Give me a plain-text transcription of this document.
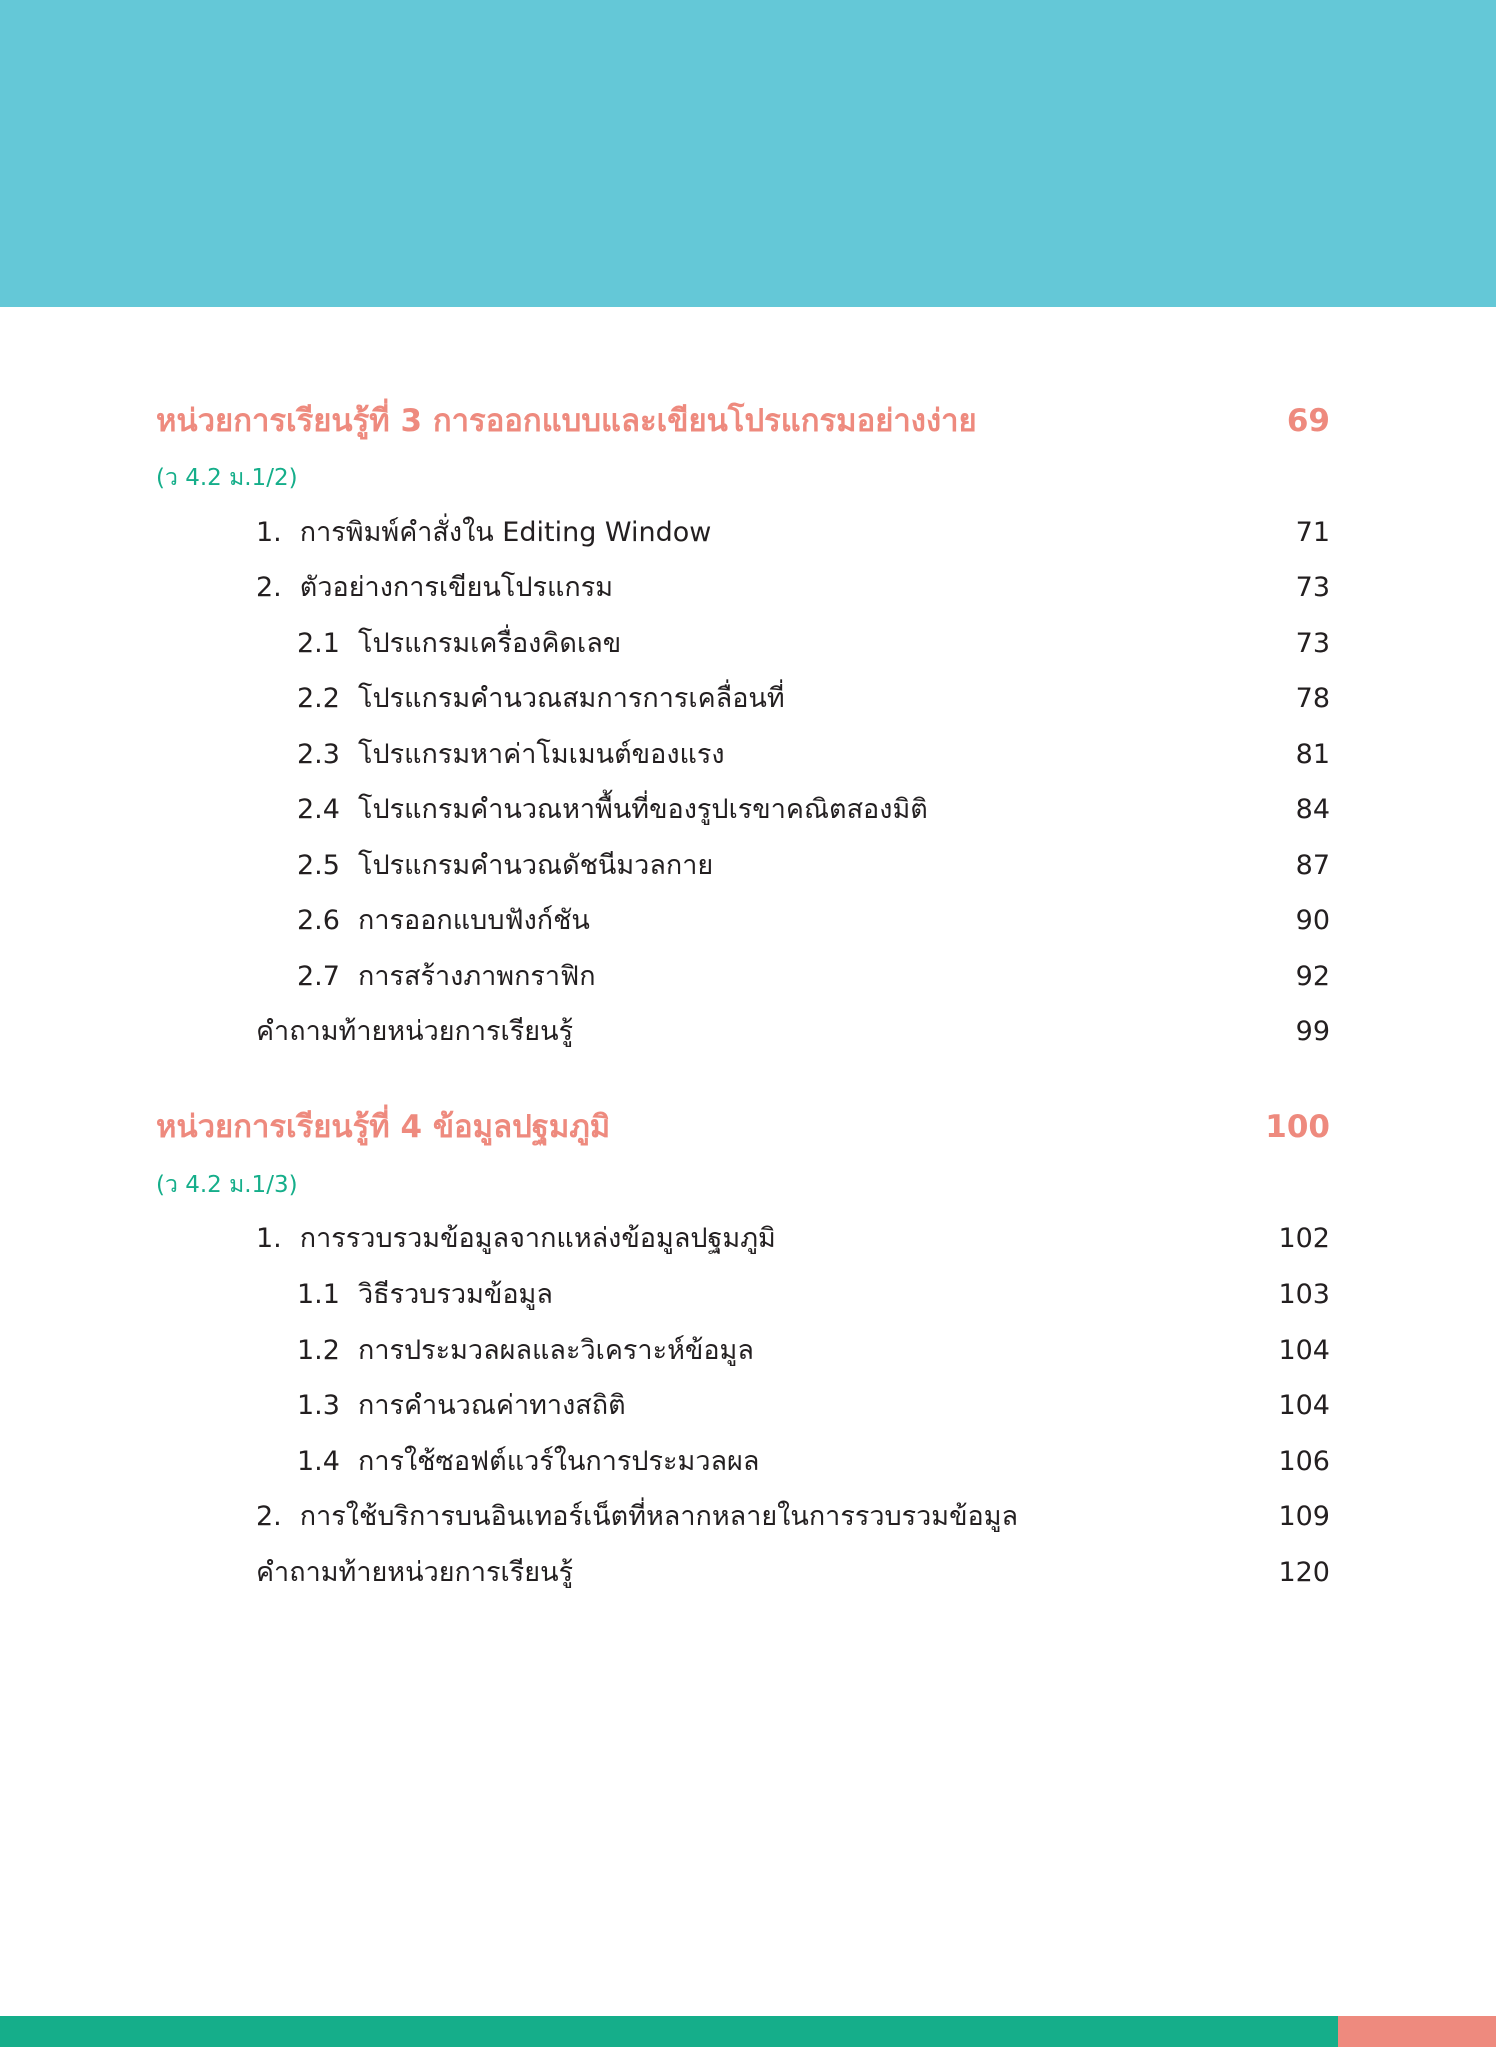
หน่วยการเรียนรู้ที่ 3 การออกแบบและเขียนโปรแกรมอย่างง่าย	69
(ว 4.2 ม.1/2)
1. การพิมพ์คำสั่งใน Editing Window	71
2. ตัวอย่างการเขียนโปรแกรม	73
2.1 โปรแกรมเครื่องคิดเลข	73
2.2 โปรแกรมคำนวณสมการการเคลื่อนที่	78
2.3 โปรแกรมหาค่าโมเมนต์ของแรง	81
2.4 โปรแกรมคำนวณหาพื้นที่ของรูปเรขาคณิตสองมิติ	84
2.5 โปรแกรมคำนวณดัชนีมวลกาย	87
2.6 การออกแบบฟังก์ชัน	90
2.7 การสร้างภาพกราฟิก	92
คำถามท้ายหน่วยการเรียนรู้	99
หน่วยการเรียนรู้ที่ 4 ข้อมูลปฐมภูมิ	100
(ว 4.2 ม.1/3)
1. การรวบรวมข้อมูลจากแหล่งข้อมูลปฐมภูมิ	102
1.1 วิธีรวบรวมข้อมูล	103
1.2 การประมวลผลและวิเคราะห์ข้อมูล	104
1.3 การคำนวณค่าทางสถิติ	104
1.4 การใช้ซอฟต์แวร์ในการประมวลผล	106
2. การใช้บริการบนอินเทอร์เน็ตที่หลากหลายในการรวบรวมข้อมูล	109
คำถามท้ายหน่วยการเรียนรู้	120
